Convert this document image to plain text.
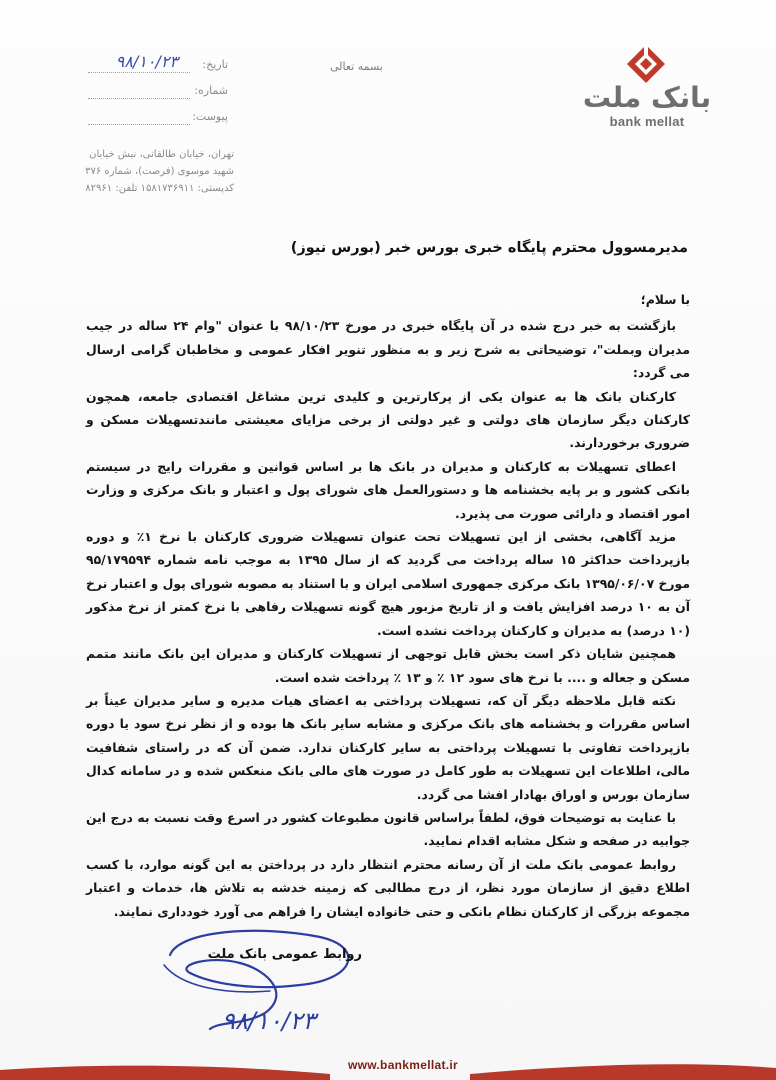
بانک ملت
bank mellat
بسمه تعالی
تاریخ:
۹۸/۱۰/۲۳
شماره:
پیوست:
تهران، خیابان طالقانی، نبش خیابان
شهید موسوی (فرصت)، شماره ۳۷۶
کدپستی: ۱۵۸۱۷۳۶۹۱۱ تلفن: ۸۲۹۶۱
مدیرمسوول محترم پایگاه خبری بورس خبر (بورس نیوز)

با سلام؛

بازگشت به خبر درج شده در آن پایگاه خبری در مورخ ۹۸/۱۰/۲۳ با عنوان "وام ۲۴ ساله در جیب مدیران وبملت"، توضیحاتی به شرح زیر و به منظور تنویر افکار عمومی و مخاطبان گرامی ارسال می گردد:

کارکنان بانک ها به عنوان یکی از پرکارترین و کلیدی ترین مشاغل اقتصادی جامعه، همچون کارکنان دیگر سازمان های دولتی و غیر دولتی از برخی مزایای معیشتی مانندتسهیلات مسکن و ضروری برخوردارند.

اعطای تسهیلات به کارکنان و مدیران در بانک ها بر اساس قوانین و مقررات رایج در سیستم بانکی کشور و بر پایه بخشنامه ها و دستورالعمل های شورای پول و اعتبار و بانک مرکزی و وزارت امور اقتصاد و دارائی صورت می پذیرد.

مزید آگاهی، بخشی از این تسهیلات تحت عنوان تسهیلات ضروری کارکنان با نرخ ۱٪ و دوره بازپرداخت حداکثر ۱۵ ساله پرداخت می گردید که از سال ۱۳۹۵ به موجب نامه شماره ۹۵/۱۷۹۵۹۴ مورخ ۱۳۹۵/۰۶/۰۷ بانک مرکزی جمهوری اسلامی ایران و با استناد به مصوبه شورای پول و اعتبار نرخ آن به ۱۰ درصد افزایش یافت و از تاریخ مزبور هیچ گونه تسهیلات رفاهی با نرخ کمتر از نرخ مذکور (۱۰ درصد) به مدیران و کارکنان پرداخت نشده است.

همچنین شایان ذکر است بخش قابل توجهی از تسهیلات کارکنان و مدیران این بانک مانند متمم مسکن و جعاله و .... با نرخ های سود ۱۲ ٪ و ۱۳ ٪ پرداخت شده است.

نکته قابل ملاحظه دیگر آن که، تسهیلات پرداختی به اعضای هیات مدیره و سایر مدیران عیناً بر اساس مقررات و بخشنامه های بانک مرکزی و مشابه سایر بانک ها بوده و از نظر نرخ سود یا دوره بازپرداخت تفاوتی با تسهیلات پرداختی به سایر کارکنان ندارد. ضمن آن که در راستای شفافیت مالی، اطلاعات این تسهیلات به طور کامل در صورت های مالی بانک منعکس شده و در سامانه کدال سازمان بورس و اوراق بهادار افشا می گردد.

با عنایت به توضیحات فوق، لطفاً براساس قانون مطبوعات کشور در اسرع وقت نسبت به درج این جوابیه در صفحه و شکل مشابه اقدام نمایید.

روابط عمومی بانک ملت از آن رسانه محترم انتظار دارد در پرداختن به این گونه موارد، با کسب اطلاع دقیق از سازمان مورد نظر، از درج مطالبی که زمینه خدشه به تلاش ها، خدمات و اعتبار مجموعه بزرگی از کارکنان نظام بانکی و حتی خانواده ایشان را فراهم می آورد خودداری نمایند.

روابط عمومی بانک ملت
۹۸/۱۰/۲۳
www.bankmellat.ir
